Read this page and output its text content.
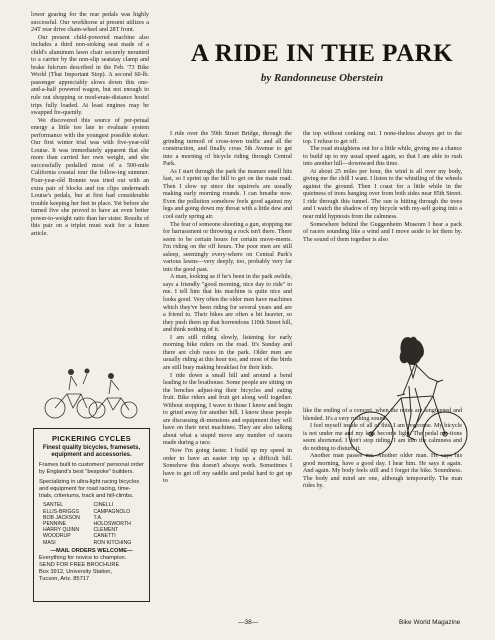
lower gearing for the rear pedals was highly successful. Our workhorse at present utilizes a 24T rear drive chain-wheel and 28T front.

Our present child-powered machine also includes a third non-stoking seat made of a child's aluminum lawn chair securely mounted to a carrier by the non-slip seatstay clamp and brake fulcrum described in the Feb. '73 Bike World (That Important Stop). A second 60-lb. passenger appreciably slows down this one-and-a-half powered wagon, but not enough to rule out shopping or mod-erate-distance hostel trips fully loaded. At least engines may be swapped fre-quently.

We discovered this source of per-petual energy a little too late to evaluate system performance with the youngest possible stoker. Our first winter trial was with five-year-old Louise. It was immediately apparent that she more than carried her own weight, and she successfully pedalled most of a 500-mile California coastal tour the follow-ing summer. Four-year-old Bonnie was tried out with an extra pair of blocks and toe clips underneath Louise's pedals, but at first had considerable trouble keeping her feet in place. Yet before she turned five she proved to have an even better power-to-weight ratio than her sister. Results of this pair on a triplet must wait for a future article.

PICKERING CYCLES
Finest quality bicycles, framesets, equipment and accessories.
Frames built to customers' personal order by England's best "bespoke" builders.
Specializing in ultra-light racing bicycles and equipment for road racing, time-trials, criteriums, track and hill-climbs.
SANTEL	CINELLI
ELLIS-BRIGGS	CAMPAGNOLO
BOB JACKSON	T.A.
PENNINE	HOLDSWORTH
HARRY QUINN	CLEMENT
WOODRUP	CANETTI
MASI	RON KITCHING
—MAIL ORDERS WELCOME—
Everything for novice to champion.
SEND FOR FREE BROCHURE
Box 3912, University Station,
Tucson, Ariz. 85717
A RIDE IN THE PARK
by Randonneuse Oberstein

I ride over the 59th Street Bridge, through the grinding turmoil of cross-town traffic and all the construction, and finally cross 5th Avenue to get into a morning of bicycle riding through Central Park.

As I start through the park the manure smell hits fast, so I sprint up the hill to get on the main road. Then I slow up since the squirrels are usually making early morning rounds. I can breathe now. Even the pollution somehow feels good against my legs and going down my throat with a little dew and cool early spring air.

The fear of someone shooting a gun, stopping me for harrassment or throwing a rock isn't there. There seem to be certain hours for certain move-ments. I'm riding on the off hours. The poor men are still asleep, seemingly every-where on Central Park's various lawns—very deeply, too, probably very far into the good past.

A man, looking as if he's been in the park awhile, says a friendly "good morning, nice day to ride" to me. I tell him that his machine is quite nice and looks good. Very often the older men have machines which they've been riding for several years and are a friend to. Their bikes are often a bit heavier, so they push them up that horrendous 110th Street hill, and think nothing of it.

I am still riding slowly, listening for early morning bike riders on the road. It's Sunday and there are club races in the park. Older men are usually riding at this hour too, and most of the birds are still busy making breakfast for their kids.

I ride down a small hill and around a bend leading to the boathouse. Some people are sitting on the benches adjust-ing their bicycles and eating fruit. Bike riders and fruit get along well together. Without stopping, I wave to those I know and begin to grind away for another hill. I know these people are discussing di-mensions and equipment they will have on their next machines. They are also talking about what a stupid move any number of racers made during a race.

Now I'm going faster. I build up my speed in order to have an easier trip up a difficult hill. Somehow this doesn't always work. Sometimes I have to get off my saddle and pedal hard to get up to

the top without conking out. I none-theless always get to the top. I refuse to get off.

The road straightens out for a little while, giving me a chance to build up to my usual speed again, so that I am able to rush into another hill—downward this time.

At about 25 miles per hour, the wind is all over my body, giving me the chill I want. I listen to the whistling of the wheels against the ground. Then I coast for a little while in the quietness of trees hanging over from both sides near 85th Street. I ride through this tunnel. The sun is hitting through the trees and I watch the shadow of my bicycle with my-self going into a near mild hypnosis from the calmness.

Somewhere behind the Guggenheim Museum I hear a pack of racers sounding like a wind and I move aside to let them by. The sound of them together is also

like the ending of a concert, when the notes are lengthened and blended. It's a very rushing sound.

I feel myself inside of all of this. I am overcome. My bicycle is not under me and my legs become light. The pedal mo-tions seem shortened. I don't stop riding. I am into the calmness and do nothing to disturb it.

Another man passes me. Another older man. He says his good morning, have a good day. I hear him. He says it again. And again. My body feels still and I forget the bike. Soundness. The body and mind are one, although temporarily. The man rides by.

—38—	Bike World Magazine
